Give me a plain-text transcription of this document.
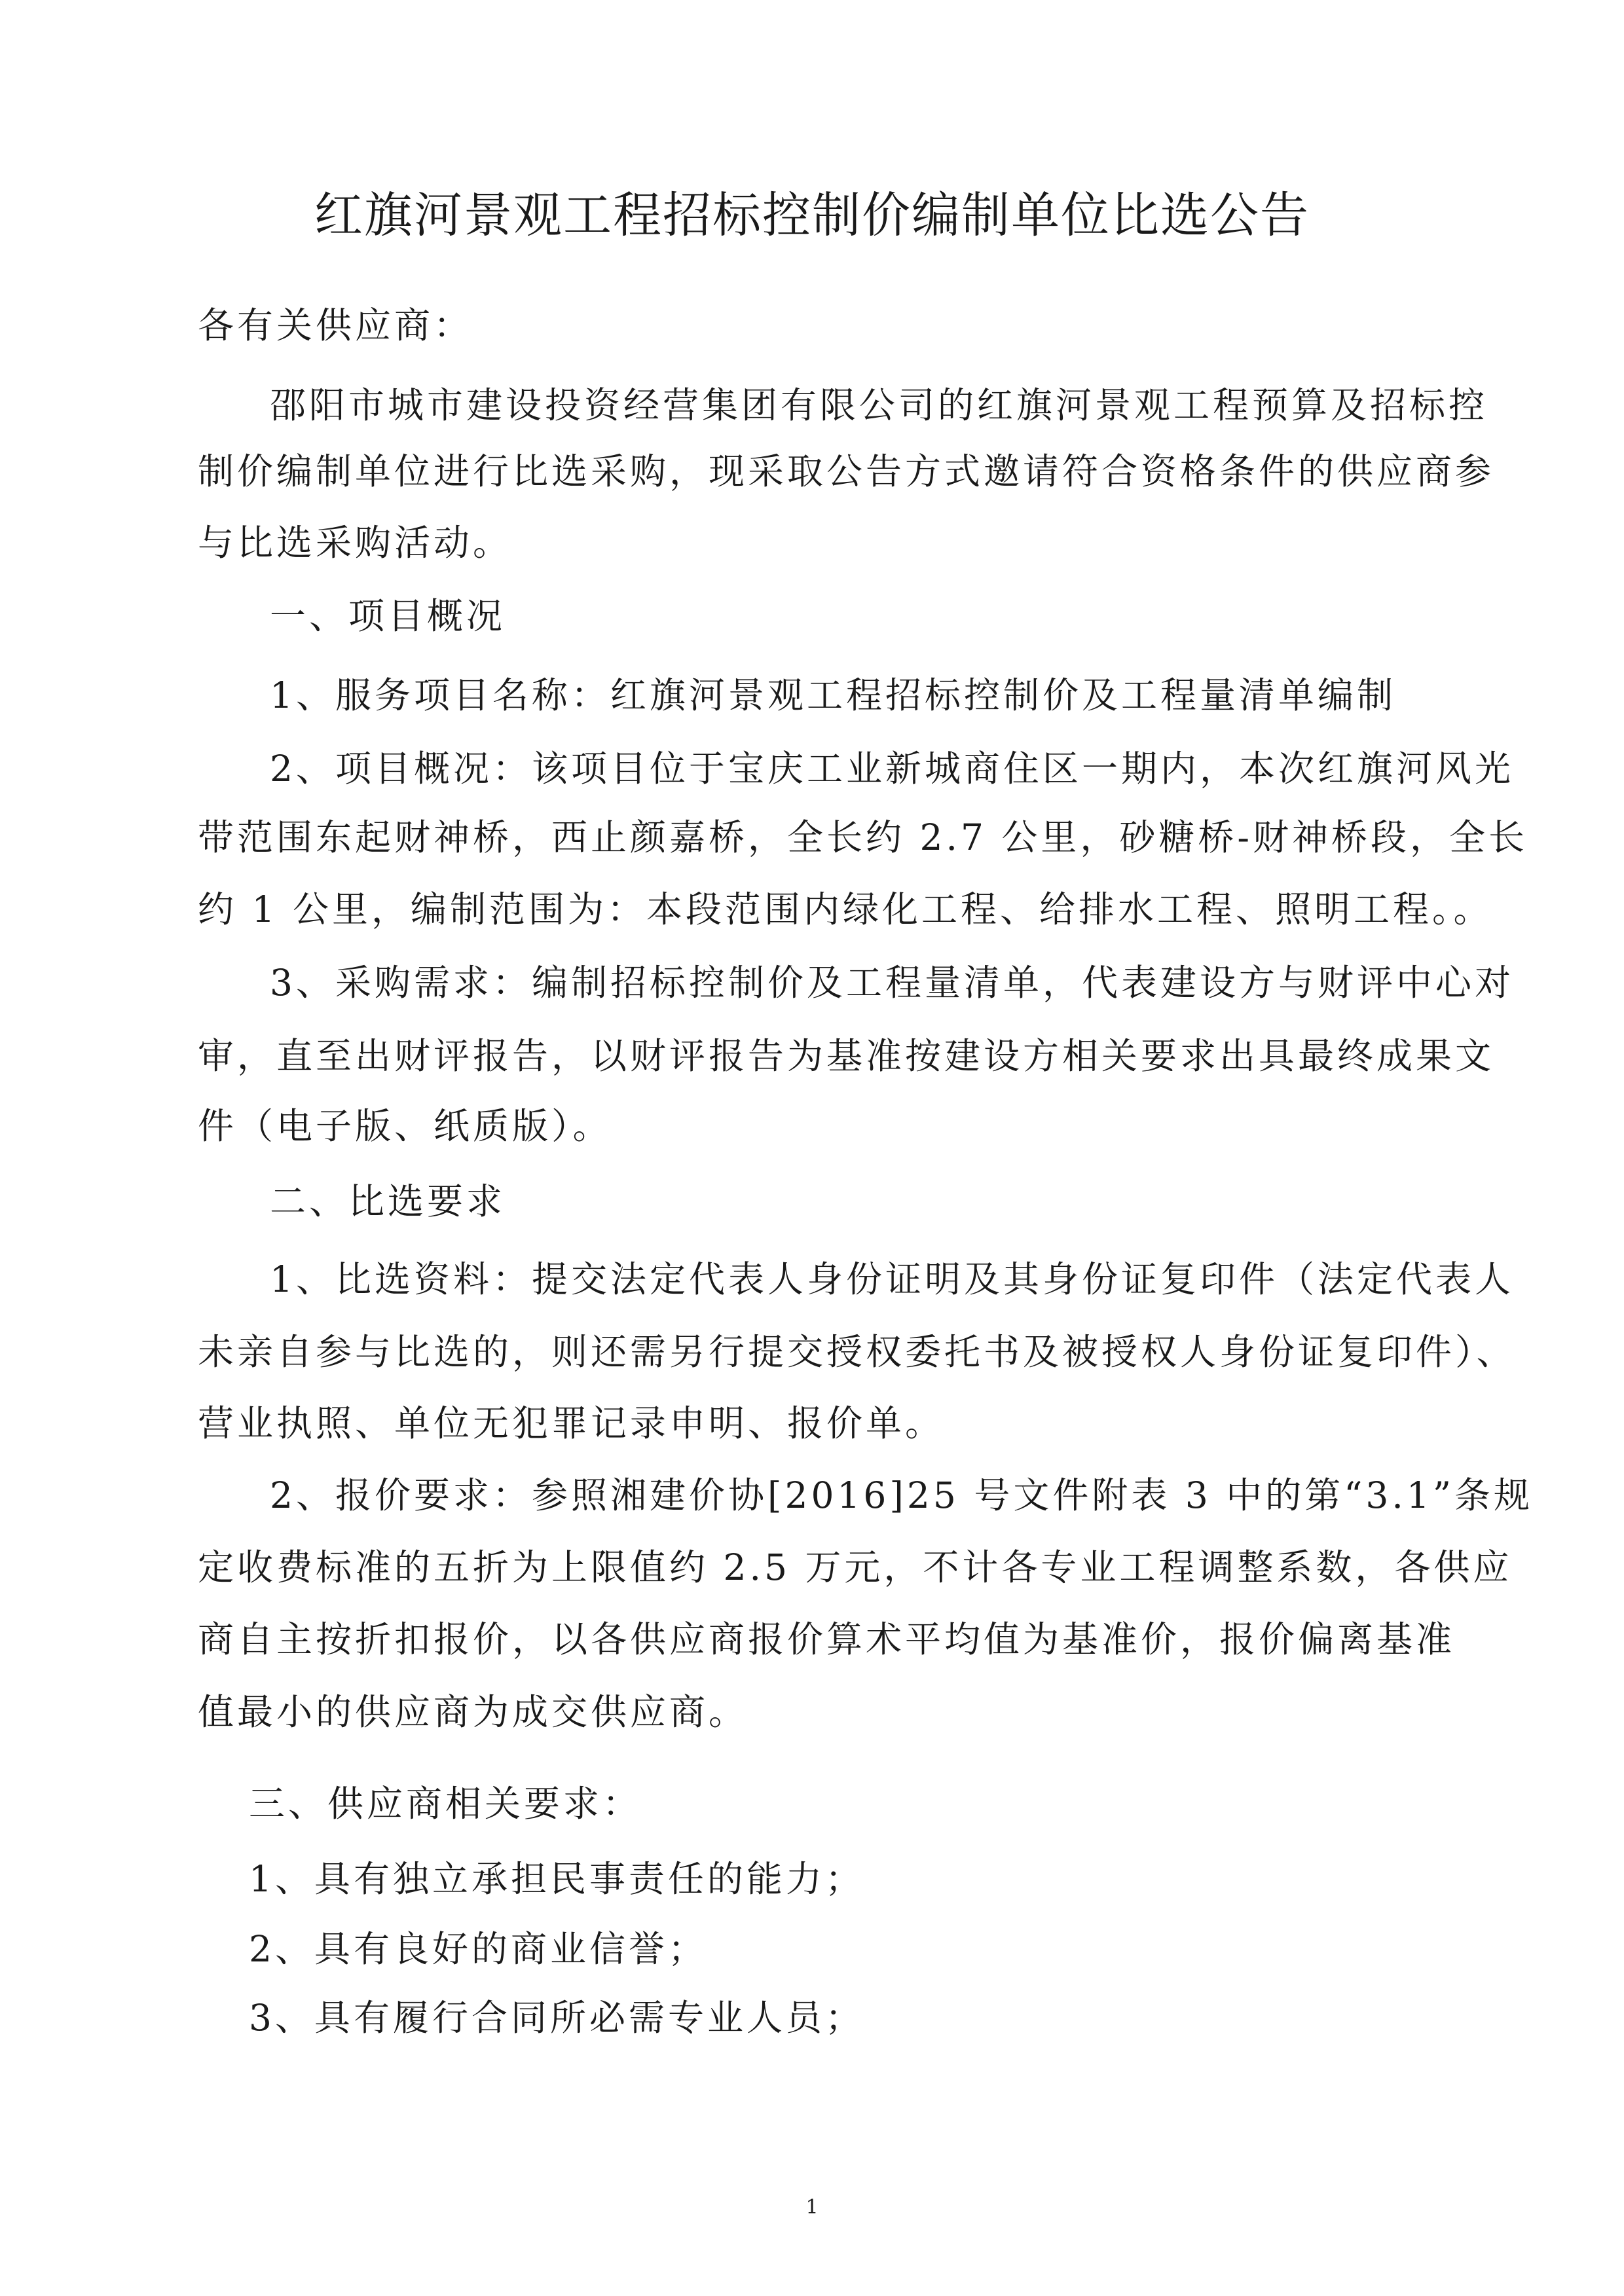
红旗河景观工程招标控制价编制单位比选公告
各有关供应商：
邵阳市城市建设投资经营集团有限公司的红旗河景观工程预算及招标控
制价编制单位进行比选采购，现采取公告方式邀请符合资格条件的供应商参
与比选采购活动。
一、项目概况
1、服务项目名称：红旗河景观工程招标控制价及工程量清单编制
2、项目概况：该项目位于宝庆工业新城商住区一期内，本次红旗河风光
带范围东起财神桥，西止颜嘉桥，全长约 2.7 公里，砂糖桥-财神桥段，全长
约 1 公里，编制范围为：本段范围内绿化工程、给排水工程、照明工程。。
3、采购需求：编制招标控制价及工程量清单，代表建设方与财评中心对
审，直至出财评报告，以财评报告为基准按建设方相关要求出具最终成果文
件（电子版、纸质版）。
二、比选要求
1、比选资料：提交法定代表人身份证明及其身份证复印件（法定代表人
未亲自参与比选的，则还需另行提交授权委托书及被授权人身份证复印件）、
营业执照、单位无犯罪记录申明、报价单。
2、报价要求：参照湘建价协[2016]25 号文件附表 3 中的第“3.1”条规
定收费标准的五折为上限值约 2.5 万元，不计各专业工程调整系数，各供应
商自主按折扣报价，以各供应商报价算术平均值为基准价，报价偏离基准
值最小的供应商为成交供应商。
三、供应商相关要求：
1、具有独立承担民事责任的能力；
2、具有良好的商业信誉；
3、具有履行合同所必需专业人员；
1
